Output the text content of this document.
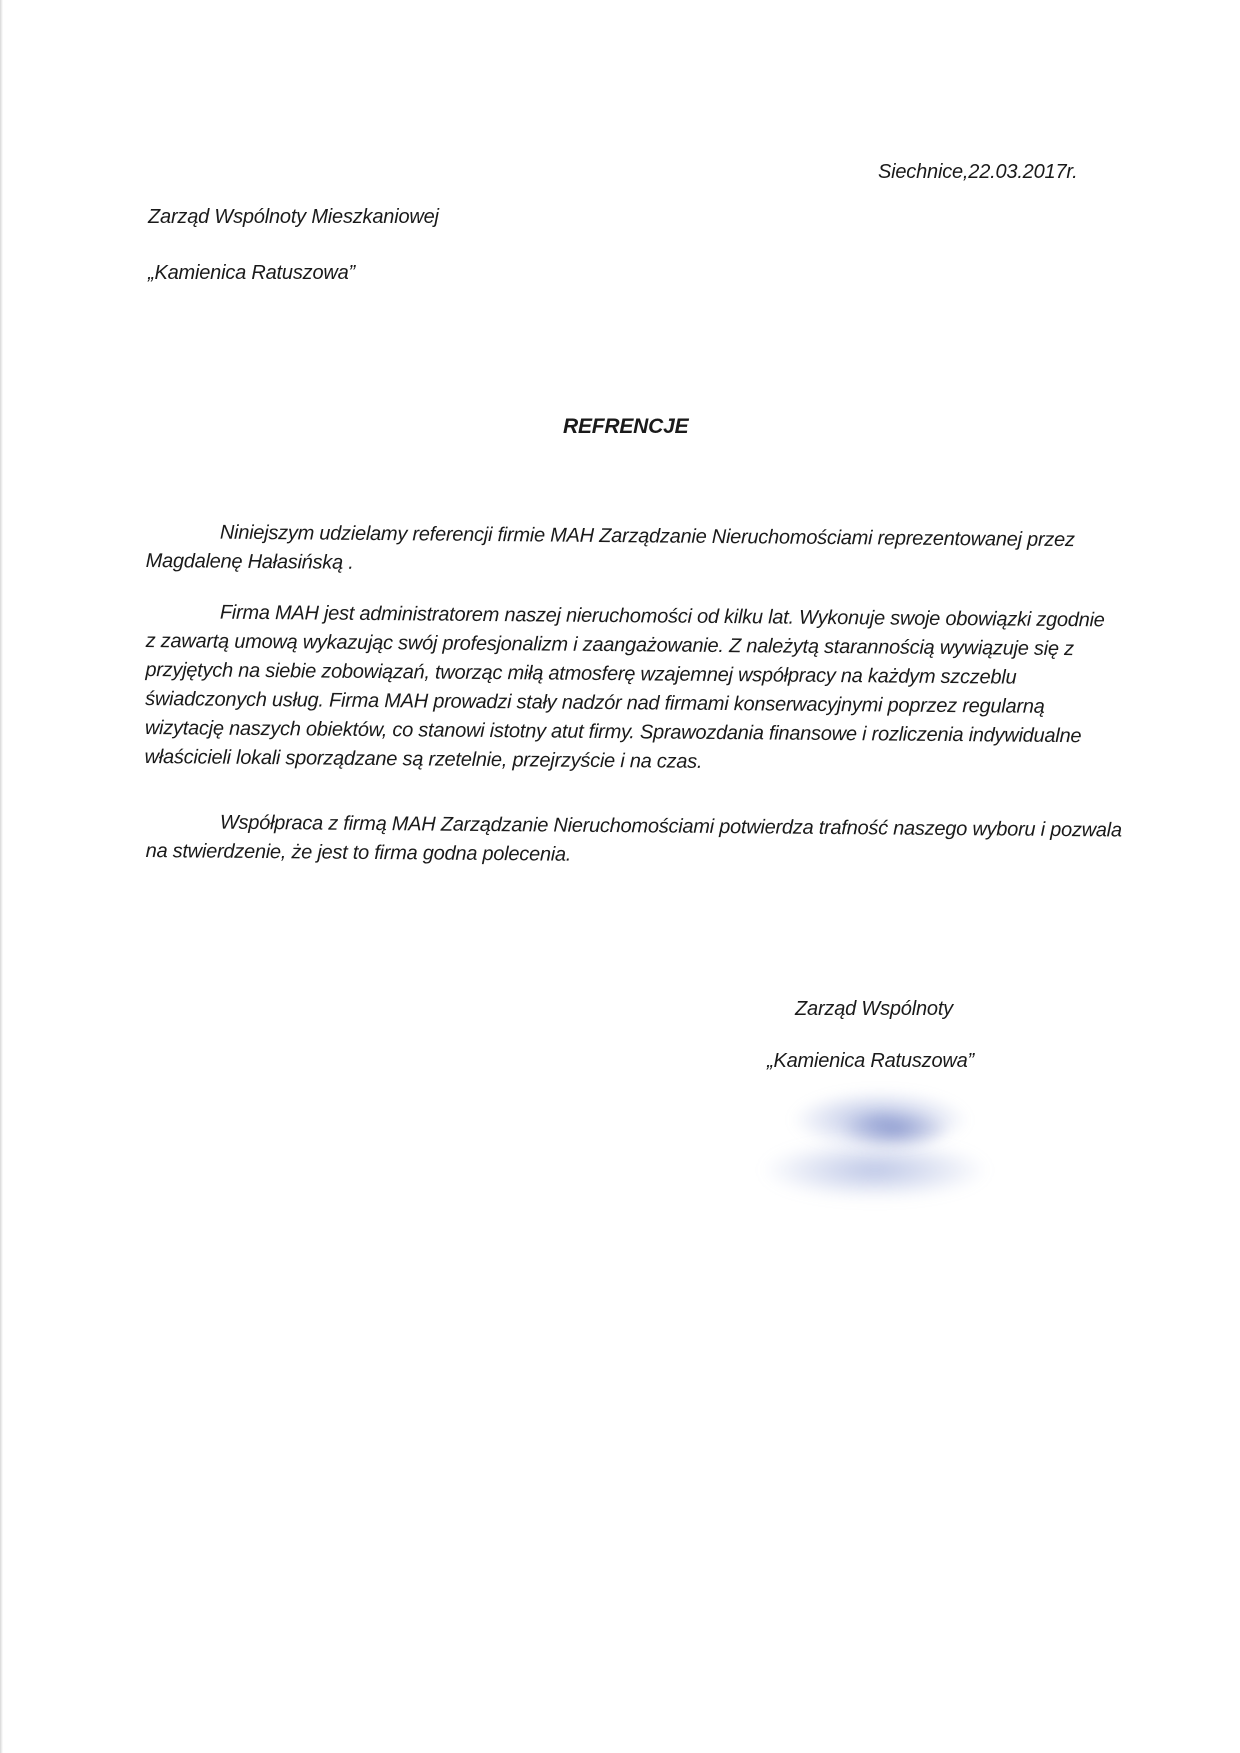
Siechnice,22.03.2017r.
Zarząd Wspólnoty Mieszkaniowej
„Kamienica Ratuszowa”
REFRENCJE
Niniejszym udzielamy referencji firmie MAH Zarządzanie Nieruchomościami reprezentowanej przez
Magdalenę Hałasińską .
Firma MAH jest administratorem naszej nieruchomości od kilku lat. Wykonuje swoje obowiązki zgodnie
z zawartą umową wykazując swój profesjonalizm i zaangażowanie. Z należytą starannością wywiązuje się z
przyjętych na siebie zobowiązań, tworząc miłą atmosferę wzajemnej współpracy na każdym szczeblu
świadczonych usług. Firma MAH prowadzi stały nadzór nad firmami konserwacyjnymi poprzez regularną
wizytację naszych obiektów, co stanowi istotny atut firmy. Sprawozdania finansowe i rozliczenia indywidualne
właścicieli lokali sporządzane są rzetelnie, przejrzyście i na czas.
Współpraca z firmą MAH Zarządzanie Nieruchomościami potwierdza trafność naszego wyboru i pozwala
na stwierdzenie, że jest to firma godna polecenia.
Zarząd Wspólnoty
„Kamienica Ratuszowa”
